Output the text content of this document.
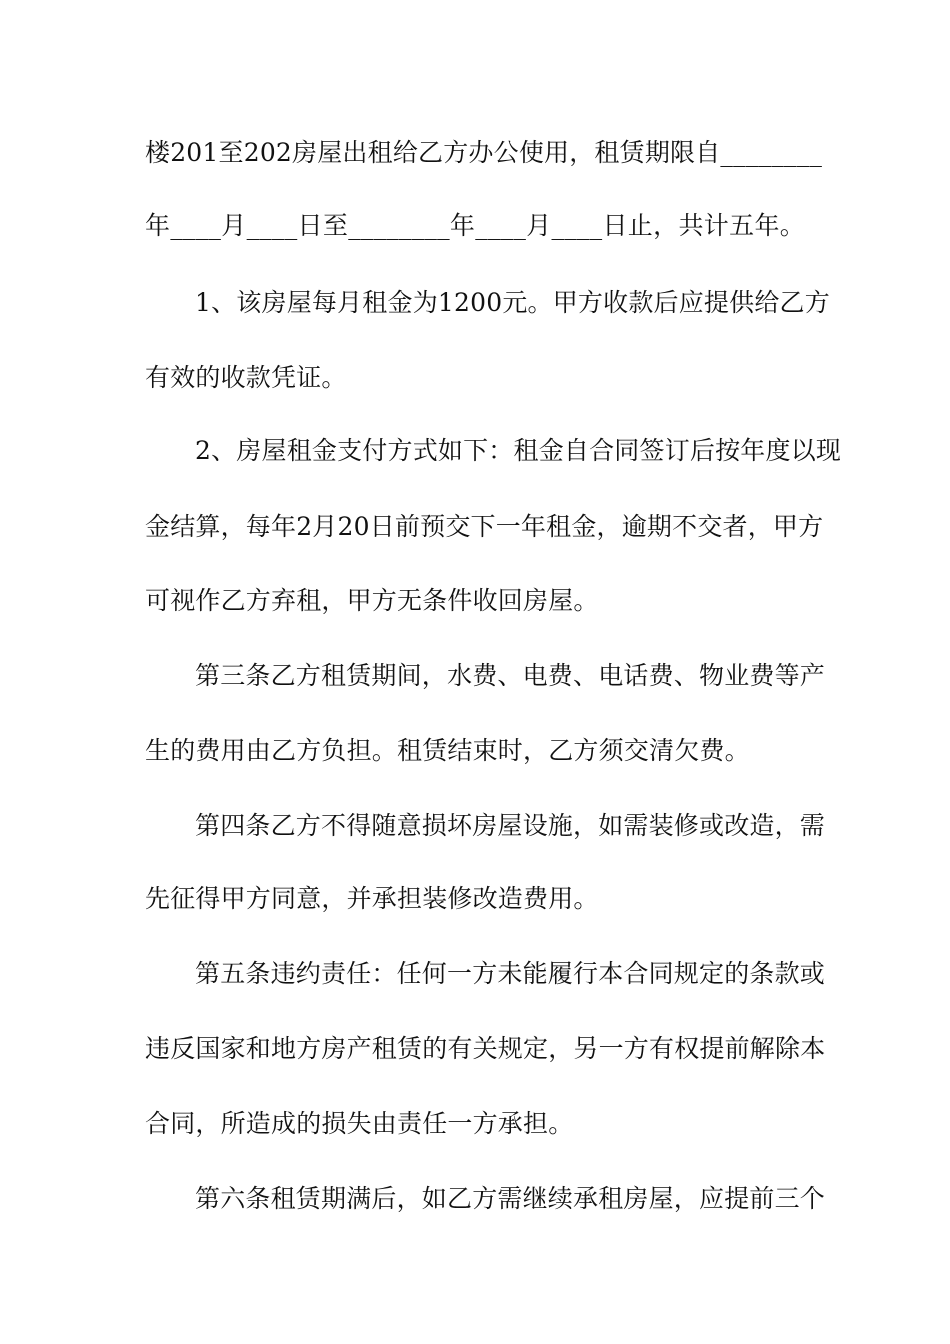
楼201至202房屋出租给乙方办公使用，租赁期限自________

年____月____日至________年____月____日止，共计五年。

1、该房屋每月租金为1200元。甲方收款后应提供给乙方

有效的收款凭证。

2、房屋租金支付方式如下：租金自合同签订后按年度以现

金结算，每年2月20日前预交下一年租金，逾期不交者，甲方

可视作乙方弃租，甲方无条件收回房屋。

第三条乙方租赁期间，水费、电费、电话费、物业费等产

生的费用由乙方负担。租赁结束时，乙方须交清欠费。

第四条乙方不得随意损坏房屋设施，如需装修或改造，需

先征得甲方同意，并承担装修改造费用。

第五条违约责任：任何一方未能履行本合同规定的条款或

违反国家和地方房产租赁的有关规定，另一方有权提前解除本

合同，所造成的损失由责任一方承担。

第六条租赁期满后，如乙方需继续承租房屋，应提前三个
